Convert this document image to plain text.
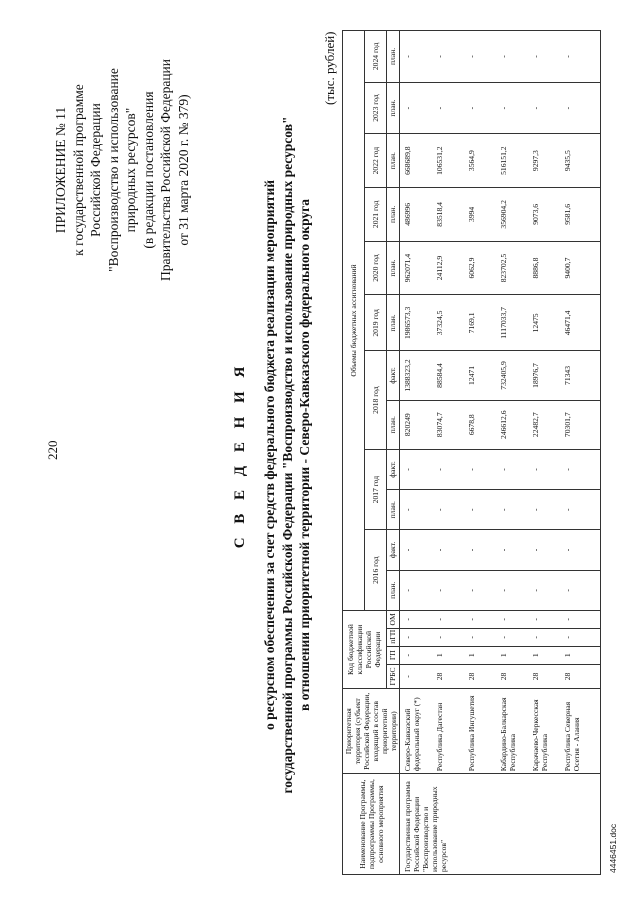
220
ПРИЛОЖЕНИЕ № 11 к государственной программе Российской Федерации "Воспроизводство и использование природных ресурсов" (в редакции постановления Правительства Российской Федерации от 31 марта 2020 г. № 379)
С В Е Д Е Н И Я о ресурсном обеспечении за счет средств федерального бюджета реализации мероприятий государственной программы Российской Федерации "Воспроизводство и использование природных ресурсов" в отношении приоритетной территории - Северо-Кавказского федерального округа
(тыс. рублей)
Наименование Программы, подпрограммы Программы, основного мероприятия	Приоритетная территория (субъект Российской Федерации, входящий в состав приоритетной территории)	Код бюджетной классификации Российской Федерации				Объемы бюджетных ассигнований											
						2016 год		2017 год		2018 год		2019 год	2020 год	2021 год	2022 год	2023 год	2024 год
		ГРБС	ГП	пГП	ОМ	план.	факт.	план.	факт.	план.	факт.	план.	план.	план.	план.	план.	план.
Государственная программа Российской Федерации "Воспроизводство и использование природных ресурсов"	Северо-Кавказский федеральный округ (*)	-	-	-	-	-	-	-	-	820249	1388323,2	1986573,3	962071,4	486996	668689,8	-	-
	Республика Дагестан	28	1	-	-	-	-	-	-	83074,7	88584,4	37324,5	24112,9	83518,4	106531,2	-	-
	Республика Ингушетия	28	1	-	-	-	-	-	-	6678,8	12471	7169,1	6062,9	3994	3564,9	-	-
	Кабардино-Балкарская Республика	28	1	-	-	-	-	-	-	246612,6	732405,9	1117033,7	823702,5	356904,2	516151,2	-	-
	Карачаево-Черкесская Республика	28	1	-	-	-	-	-	-	22482,7	18976,7	12475	8886,8	9073,6	9297,3	-	-
	Республика Северная Осетия - Алания	28	1	-	-	-	-	-	-	70301,7	71343	46471,4	9400,7	9581,6	9435,5	-	-
4446451.doc
